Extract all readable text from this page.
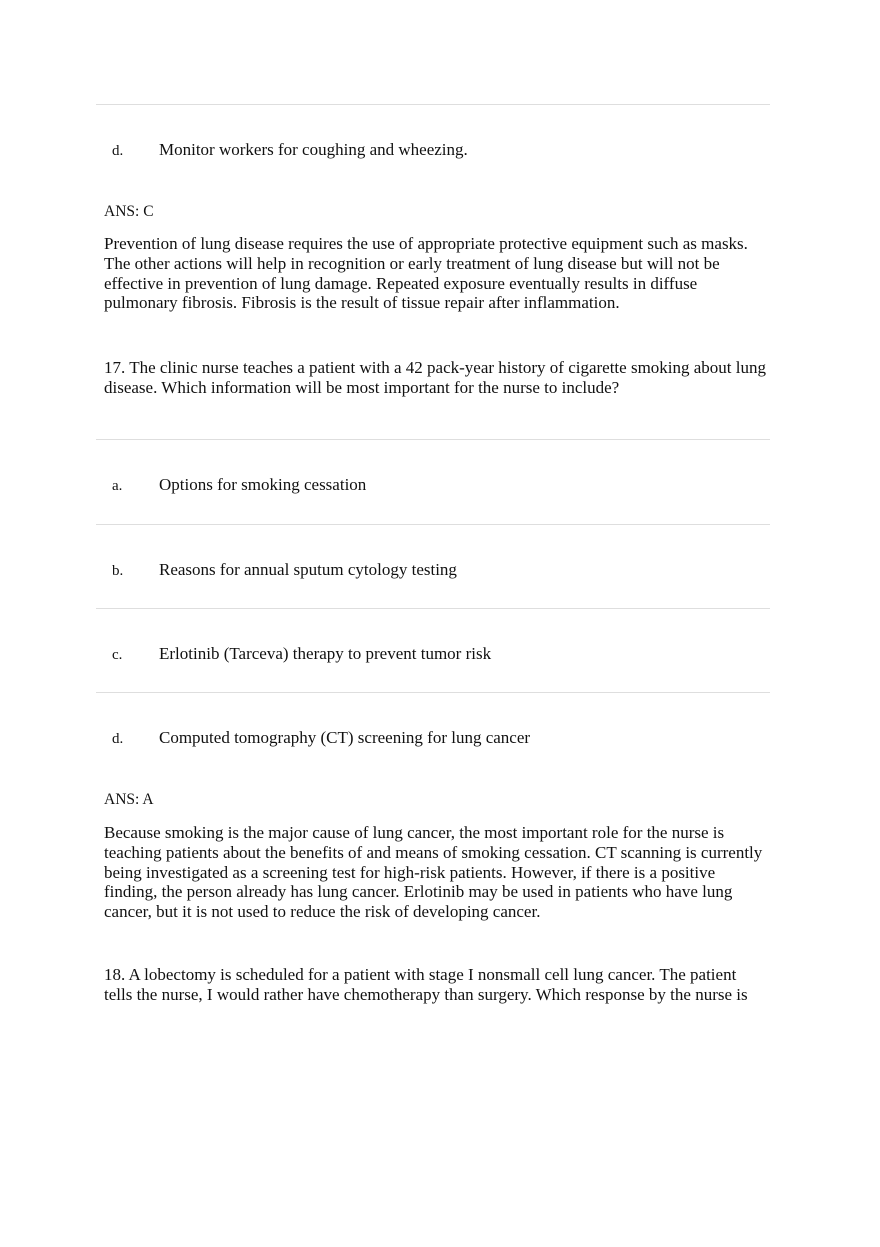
d. Monitor workers for coughing and wheezing.
ANS: C

Prevention of lung disease requires the use of appropriate protective equipment such as masks.
The other actions will help in recognition or early treatment of lung disease but will not be
effective in prevention of lung damage. Repeated exposure eventually results in diffuse
pulmonary fibrosis. Fibrosis is the result of tissue repair after inflammation.

17. The clinic nurse teaches a patient with a 42 pack-year history of cigarette smoking about lung
disease. Which information will be most important for the nurse to include?

a. Options for smoking cessation
b. Reasons for annual sputum cytology testing
c. Erlotinib (Tarceva) therapy to prevent tumor risk
d. Computed tomography (CT) screening for lung cancer
ANS: A

Because smoking is the major cause of lung cancer, the most important role for the nurse is
teaching patients about the benefits of and means of smoking cessation. CT scanning is currently
being investigated as a screening test for high-risk patients. However, if there is a positive
finding, the person already has lung cancer. Erlotinib may be used in patients who have lung
cancer, but it is not used to reduce the risk of developing cancer.

18. A lobectomy is scheduled for a patient with stage I nonsmall cell lung cancer. The patient
tells the nurse, I would rather have chemotherapy than surgery. Which response by the nurse is
